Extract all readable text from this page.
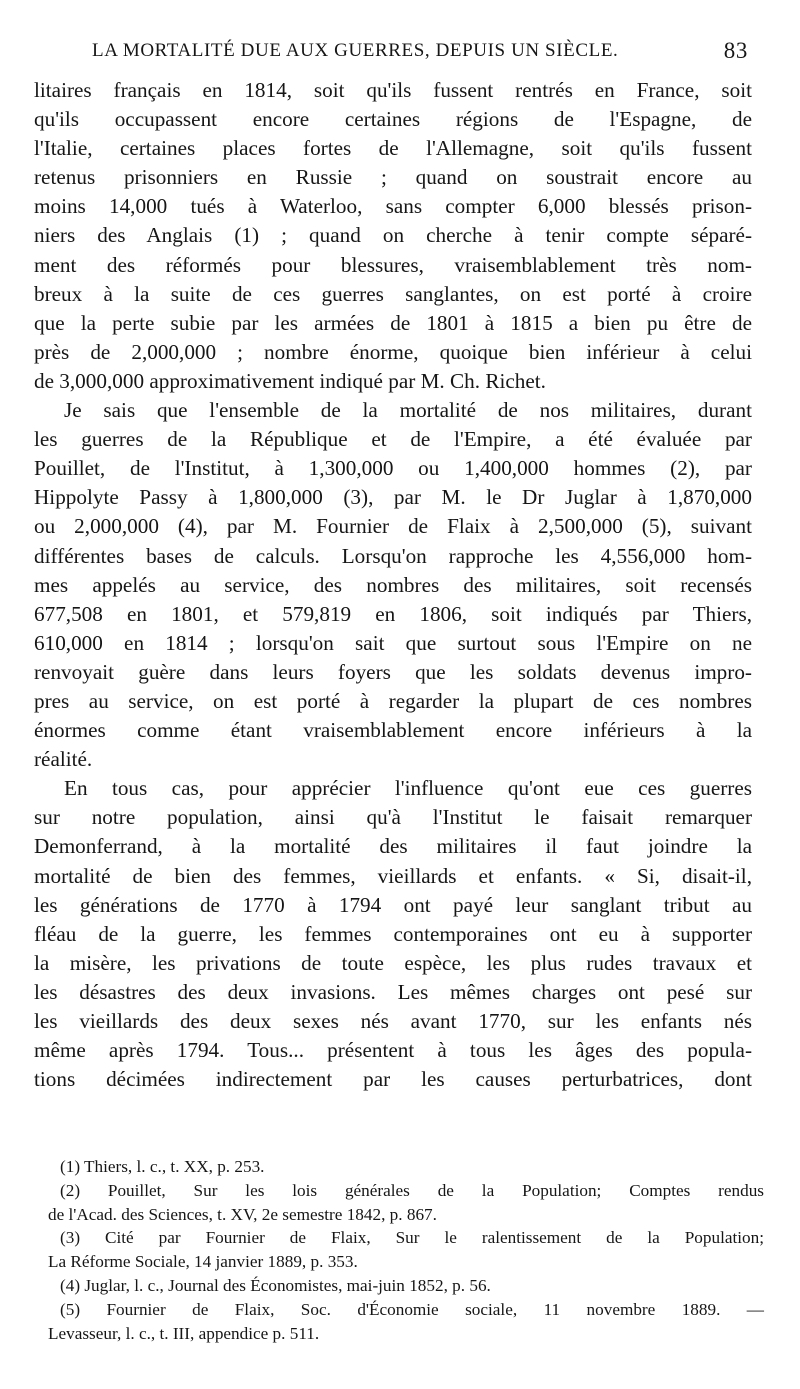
LA MORTALITÉ DUE AUX GUERRES, DEPUIS UN SIÈCLE.	83
litaires français en 1814, soit qu'ils fussent rentrés en France, soit
qu'ils occupassent encore certaines régions de l'Espagne, de
l'Italie, certaines places fortes de l'Allemagne, soit qu'ils fussent
retenus prisonniers en Russie ; quand on soustrait encore au
moins 14,000 tués à Waterloo, sans compter 6,000 blessés prison-
niers des Anglais (1) ; quand on cherche à tenir compte séparé-
ment des réformés pour blessures, vraisemblablement très nom-
breux à la suite de ces guerres sanglantes, on est porté à croire
que la perte subie par les armées de 1801 à 1815 a bien pu être de
près de 2,000,000 ; nombre énorme, quoique bien inférieur à celui
de 3,000,000 approximativement indiqué par M. Ch. Richet.
Je sais que l'ensemble de la mortalité de nos militaires, durant
les guerres de la République et de l'Empire, a été évaluée par
Pouillet, de l'Institut, à 1,300,000 ou 1,400,000 hommes (2), par
Hippolyte Passy à 1,800,000 (3), par M. le Dr Juglar à 1,870,000
ou 2,000,000 (4), par M. Fournier de Flaix à 2,500,000 (5), suivant
différentes bases de calculs. Lorsqu'on rapproche les 4,556,000 hom-
mes appelés au service, des nombres des militaires, soit recensés
677,508 en 1801, et 579,819 en 1806, soit indiqués par Thiers,
610,000 en 1814 ; lorsqu'on sait que surtout sous l'Empire on ne
renvoyait guère dans leurs foyers que les soldats devenus impro-
pres au service, on est porté à regarder la plupart de ces nombres
énormes comme étant vraisemblablement encore inférieurs à la
réalité.
En tous cas, pour apprécier l'influence qu'ont eue ces guerres
sur notre population, ainsi qu'à l'Institut le faisait remarquer
Demonferrand, à la mortalité des militaires il faut joindre la
mortalité de bien des femmes, vieillards et enfants. « Si, disait-il,
les générations de 1770 à 1794 ont payé leur sanglant tribut au
fléau de la guerre, les femmes contemporaines ont eu à supporter
la misère, les privations de toute espèce, les plus rudes travaux et
les désastres des deux invasions. Les mêmes charges ont pesé sur
les vieillards des deux sexes nés avant 1770, sur les enfants nés
même après 1794. Tous... présentent à tous les âges des popula-
tions décimées indirectement par les causes perturbatrices, dont
(1) Thiers, l. c., t. XX, p. 253.
(2) Pouillet, Sur les lois générales de la Population; Comptes rendus
de l'Acad. des Sciences, t. XV, 2e semestre 1842, p. 867.
(3) Cité par Fournier de Flaix, Sur le ralentissement de la Population;
La Réforme Sociale, 14 janvier 1889, p. 353.
(4) Juglar, l. c., Journal des Économistes, mai-juin 1852, p. 56.
(5) Fournier de Flaix, Soc. d'Économie sociale, 11 novembre 1889. —
Levasseur, l. c., t. III, appendice p. 511.
